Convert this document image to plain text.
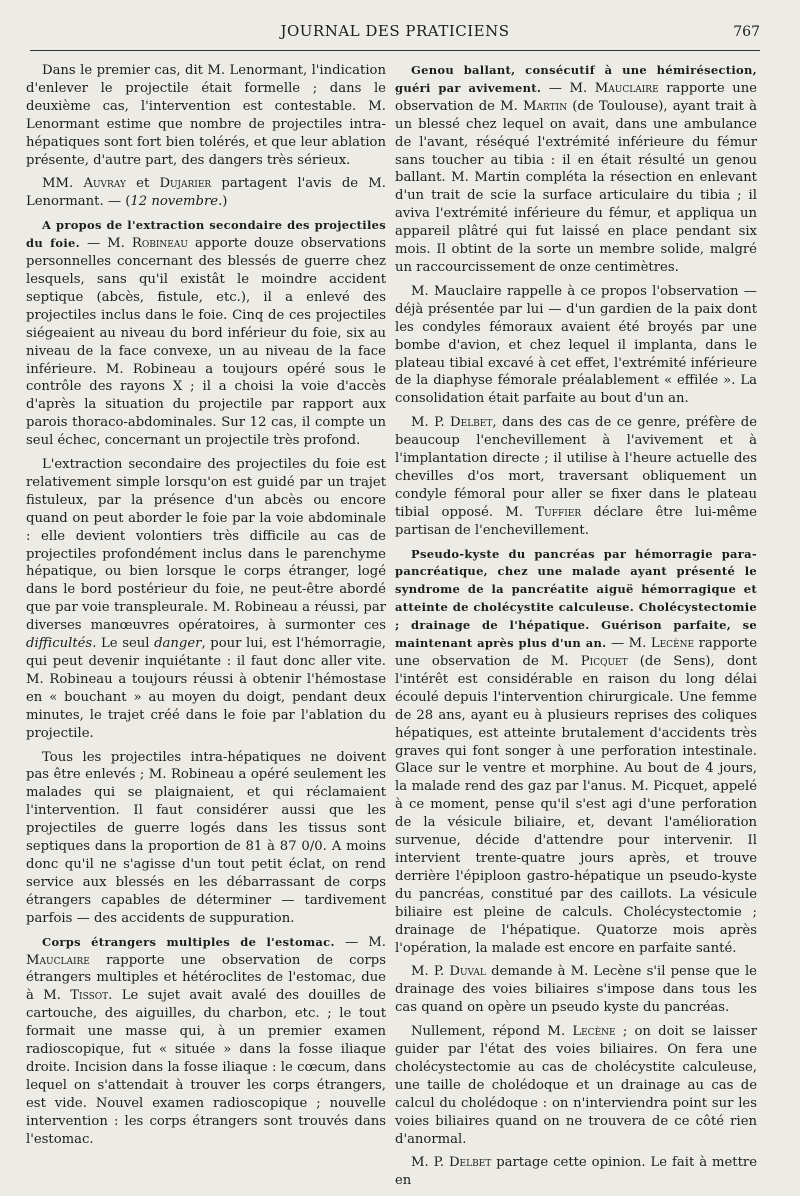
JOURNAL DES PRATICIENS	767

Dans le premier cas, dit M. Lenormant, l'indication d'enlever le projectile était formelle ; dans le deuxième cas, l'intervention est contestable. M. Lenormant estime que nombre de projectiles intra-hépatiques sont fort bien tolérés, et que leur ablation présente, d'autre part, des dangers très sérieux.

MM. Auvray et Dujarier partagent l'avis de M. Lenormant. — (12 novembre.)

A propos de l'extraction secondaire des projectiles du foie. — M. Robineau apporte douze observations personnelles concernant des blessés de guerre chez lesquels, sans qu'il existât le moindre accident septique (abcès, fistule, etc.), il a enlevé des projectiles inclus dans le foie. Cinq de ces projectiles siégeaient au niveau du bord inférieur du foie, six au niveau de la face convexe, un au niveau de la face inférieure. M. Robineau a toujours opéré sous le contrôle des rayons X ; il a choisi la voie d'accès d'après la situation du projectile par rapport aux parois thoraco-abdominales. Sur 12 cas, il compte un seul échec, concernant un projectile très profond.

L'extraction secondaire des projectiles du foie est relativement simple lorsqu'on est guidé par un trajet fistuleux, par la présence d'un abcès ou encore quand on peut aborder le foie par la voie abdominale : elle devient volontiers très difficile au cas de projectiles profondément inclus dans le parenchyme hépatique, ou bien lorsque le corps étranger, logé dans le bord postérieur du foie, ne peut-être abordé que par voie transpleurale. M. Robineau a réussi, par diverses manœuvres opératoires, à surmonter ces difficultés. Le seul danger, pour lui, est l'hémorragie, qui peut devenir inquiétante : il faut donc aller vite. M. Robineau a toujours réussi à obtenir l'hémostase en « bouchant » au moyen du doigt, pendant deux minutes, le trajet créé dans le foie par l'ablation du projectile.

Tous les projectiles intra-hépatiques ne doivent pas être enlevés ; M. Robineau a opéré seulement les malades qui se plaignaient, et qui réclamaient l'intervention. Il faut considérer aussi que les projectiles de guerre logés dans les tissus sont septiques dans la proportion de 81 à 87 0/0. A moins donc qu'il ne s'agisse d'un tout petit éclat, on rend service aux blessés en les débarrassant de corps étrangers capables de déterminer — tardivement parfois — des accidents de suppuration.

Corps étrangers multiples de l'estomac. — M. Mauclaire rapporte une observation de corps étrangers multiples et hétéroclites de l'estomac, due à M. Tissot. Le sujet avait avalé des douilles de cartouche, des aiguilles, du charbon, etc. ; le tout formait une masse qui, à un premier examen radioscopique, fut « située » dans la fosse iliaque droite. Incision dans la fosse iliaque : le cœcum, dans lequel on s'attendait à trouver les corps étrangers, est vide. Nouvel examen radioscopique ; nouvelle intervention : les corps étrangers sont trouvés dans l'estomac.

Genou ballant, consécutif à une hémirésection, guéri par avivement. — M. Mauclaire rapporte une observation de M. Martin (de Toulouse), ayant trait à un blessé chez lequel on avait, dans une ambulance de l'avant, réséqué l'extrémité inférieure du fémur sans toucher au tibia : il en était résulté un genou ballant. M. Martin compléta la résection en enlevant d'un trait de scie la surface articulaire du tibia ; il aviva l'extrémité inférieure du fémur, et appliqua un appareil plâtré qui fut laissé en place pendant six mois. Il obtint de la sorte un membre solide, malgré un raccourcissement de onze centimètres.

M. Mauclaire rappelle à ce propos l'observation — déjà présentée par lui — d'un gardien de la paix dont les condyles fémoraux avaient été broyés par une bombe d'avion, et chez lequel il implanta, dans le plateau tibial excavé à cet effet, l'extrémité inférieure de la diaphyse fémorale préalablement « effilée ». La consolidation était parfaite au bout d'un an.

M. P. Delbet, dans des cas de ce genre, préfère de beaucoup l'enchevillement à l'avivement et à l'implantation directe ; il utilise à l'heure actuelle des chevilles d'os mort, traversant obliquement un condyle fémoral pour aller se fixer dans le plateau tibial opposé. M. Tuffier déclare être lui-même partisan de l'enchevillement.

Pseudo-kyste du pancréas par hémorragie para-pancréatique, chez une malade ayant présenté le syndrome de la pancréatite aiguë hémorragique et atteinte de cholécystite calculeuse. Cholécystectomie ; drainage de l'hépatique. Guérison parfaite, se maintenant après plus d'un an. — M. Lecène rapporte une observation de M. Picquet (de Sens), dont l'intérêt est considérable en raison du long délai écoulé depuis l'intervention chirurgicale. Une femme de 28 ans, ayant eu à plusieurs reprises des coliques hépatiques, est atteinte brutalement d'accidents très graves qui font songer à une perforation intestinale. Glace sur le ventre et morphine. Au bout de 4 jours, la malade rend des gaz par l'anus. M. Picquet, appelé à ce moment, pense qu'il s'est agi d'une perforation de la vésicule biliaire, et, devant l'amélioration survenue, décide d'attendre pour intervenir. Il intervient trente-quatre jours après, et trouve derrière l'épiploon gastro-hépatique un pseudo-kyste du pancréas, constitué par des caillots. La vésicule biliaire est pleine de calculs. Cholécystectomie ; drainage de l'hépatique. Quatorze mois après l'opération, la malade est encore en parfaite santé.

M. P. Duval demande à M. Lecène s'il pense que le drainage des voies biliaires s'impose dans tous les cas quand on opère un pseudo kyste du pancréas.

Nullement, répond M. Lecène ; on doit se laisser guider par l'état des voies biliaires. On fera une cholécystectomie au cas de cholécystite calculeuse, une taille de cholédoque et un drainage au cas de calcul du cholédoque : on n'interviendra point sur les voies biliaires quand on ne trouvera de ce côté rien d'anormal.

M. P. Delbet partage cette opinion. Le fait à mettre en
